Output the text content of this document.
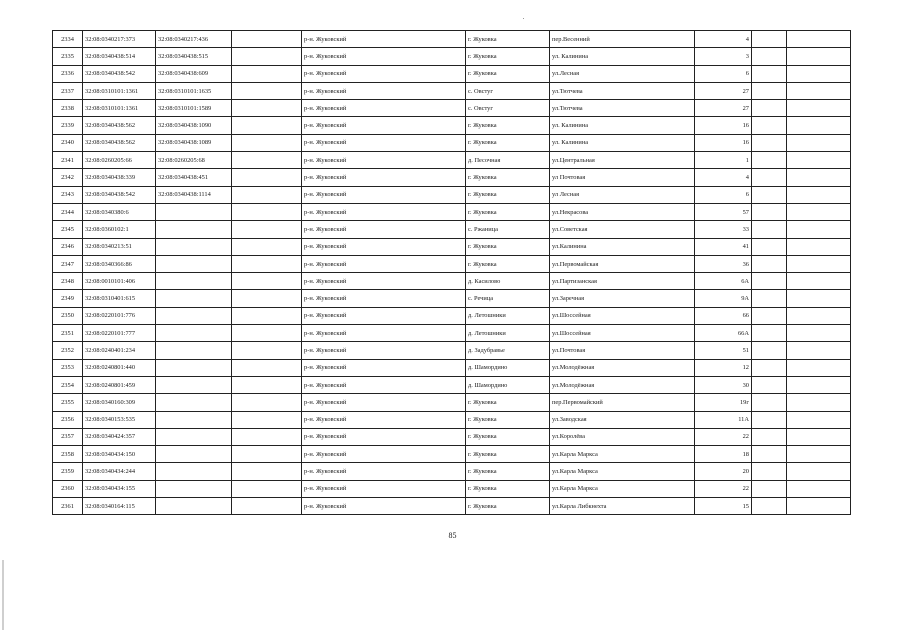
2334	32:08:0340217:373	32:08:0340217:436		р-н. Жуковский	г. Жуковка	пер.Весенний	4		
2335	32:08:0340438:514	32:08:0340438:515		р-н. Жуковский	г. Жуковка	ул. Калинина	3		
2336	32:08:0340438:542	32:08:0340438:609		р-н. Жуковский	г. Жуковка	ул.Лесная	6		
2337	32:08:0310101:1361	32:08:0310101:1635		р-н. Жуковский	с. Овстуг	ул.Тютчева	27		
2338	32:08:0310101:1361	32:08:0310101:1589		р-н. Жуковский	с. Овстуг	ул.Тютчева	27		
2339	32:08:0340438:562	32:08:0340438:1090		р-н. Жуковский	г. Жуковка	ул. Калинина	16		
2340	32:08:0340438:562	32:08:0340438:1089		р-н. Жуковский	г. Жуковка	ул. Калинина	16		
2341	32:08:0260205:66	32:08:0260205:68		р-н. Жуковский	д. Песочная	ул.Центральная	1		
2342	32:08:0340438:339	32:08:0340438:451		р-н. Жуковский	г. Жуковка	ул Почтовая	4		
2343	32:08:0340438:542	32:08:0340438:1114		р-н. Жуковский	г. Жуковка	ул Лесная	6		
2344	32:08:0340380:6			р-н. Жуковский	г. Жуковка	ул.Некрасова	57		
2345	32:08:0360102:1			р-н. Жуковский	с. Ржаница	ул.Советская	33		
2346	32:08:0340213:51			р-н. Жуковский	г. Жуковка	ул.Калинина	41		
2347	32:08:0340366:86			р-н. Жуковский	г. Жуковка	ул.Первомайская	36		
2348	32:08:0010101:406			р-н. Жуковский	д. Касилово	ул.Партизанская	6А		
2349	32:08:0310401:615			р-н. Жуковский	с. Речица	ул.Заречная	9А		
2350	32:08:0220101:776			р-н. Жуковский	д. Летошники	ул.Шоссейная	66		
2351	32:08:0220101:777			р-н. Жуковский	д. Летошники	ул.Шоссейная	66А		
2352	32:08:0240401:234			р-н. Жуковский	д. Задубравье	ул.Почтовая	51		
2353	32:08:0240801:440			р-н. Жуковский	д. Шамордино	ул.Молодёжная	12		
2354	32:08:0240801:459			р-н. Жуковский	д. Шамордино	ул.Молодёжная	30		
2355	32:08:0340160:309			р-н. Жуковский	г. Жуковка	пер.Первомайский	19г		
2356	32:08:0340153:535			р-н. Жуковский	г. Жуковка	ул.Заводская	11А		
2357	32:08:0340424:357			р-н. Жуковский	г. Жуковка	ул.Королёва	22		
2358	32:08:0340434:150			р-н. Жуковский	г. Жуковка	ул.Карла Маркса	18		
2359	32:08:0340434:244			р-н. Жуковский	г. Жуковка	ул.Карла Маркса	20		
2360	32:08:0340434:155			р-н. Жуковский	г. Жуковка	ул.Карла Маркса	22		
2361	32:08:0340164:115			р-н. Жуковский	г. Жуковка	ул.Карла Либкнехта	15		
85
